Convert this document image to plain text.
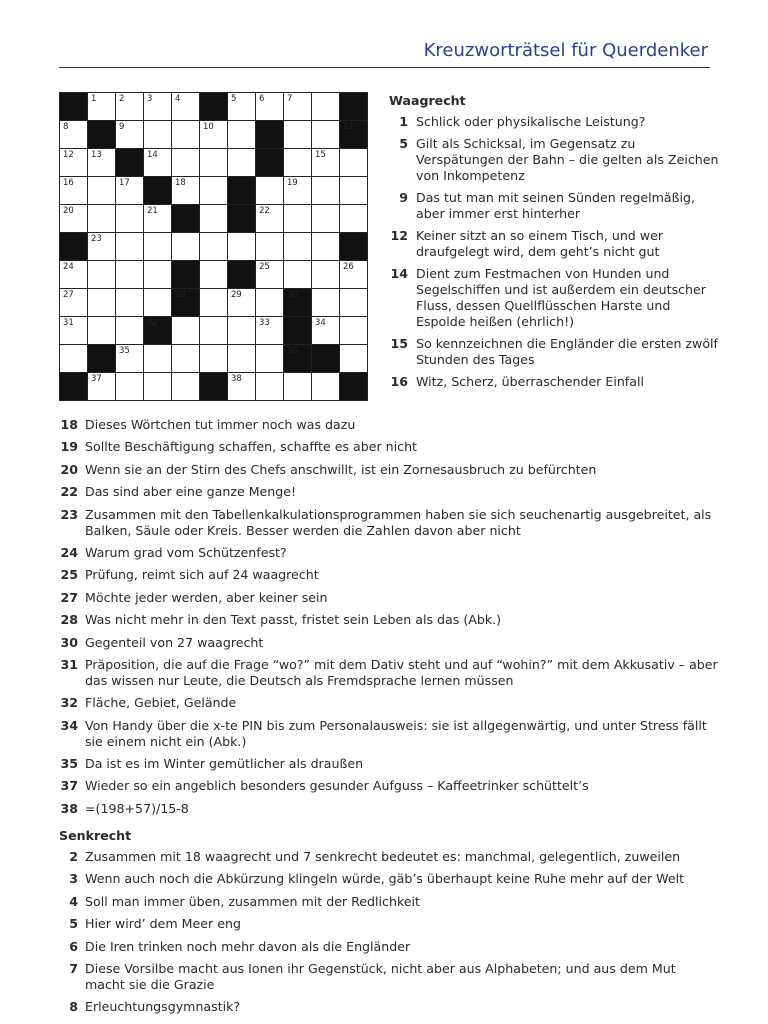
Kreuzworträtsel für Querdenker
1	2	3	4	5	6	7
8	9	10	11
12 13	14	15
16	17	18	19
20	21	22
23
24	25	26
27	28	29	30
31	32	33	34
35	36
37	38
Waagrecht
1 Schlick oder physikalische Leistung?
5 Gilt als Schicksal, im Gegensatz zu Verspätungen der Bahn – die gelten als Zeichen von Inkompetenz
9 Das tut man mit seinen Sünden regelmäßig, aber immer erst hinterher
12 Keiner sitzt an so einem Tisch, und wer draufgelegt wird, dem geht’s nicht gut
14 Dient zum Festmachen von Hunden und Segelschiffen und ist außerdem ein deutscher Fluss, dessen Quellflüsschen Harste und Espolde heißen (ehrlich!)
15 So kennzeichnen die Engländer die ersten zwölf Stunden des Tages
16 Witz, Scherz, überraschender Einfall
18 Dieses Wörtchen tut immer noch was dazu
19 Sollte Beschäftigung schaffen, schaffte es aber nicht
20 Wenn sie an der Stirn des Chefs anschwillt, ist ein Zornesausbruch zu befürchten
22 Das sind aber eine ganze Menge!
23 Zusammen mit den Tabellenkalkulationsprogrammen haben sie sich seuchenartig ausgebreitet, als Balken, Säule oder Kreis. Besser werden die Zahlen davon aber nicht
24 Warum grad vom Schützenfest?
25 Prüfung, reimt sich auf 24 waagrecht
27 Möchte jeder werden, aber keiner sein
28 Was nicht mehr in den Text passt, fristet sein Leben als das (Abk.)
30 Gegenteil von 27 waagrecht
31 Präposition, die auf die Frage “wo?” mit dem Dativ steht und auf “wohin?” mit dem Akkusativ – aber das wissen nur Leute, die Deutsch als Fremdsprache lernen müssen
32 Fläche, Gebiet, Gelände
34 Von Handy über die x-te PIN bis zum Personalausweis: sie ist allgegenwärtig, und unter Stress fällt sie einem nicht ein (Abk.)
35 Da ist es im Winter gemütlicher als draußen
37 Wieder so ein angeblich besonders gesunder Aufguss – Kaffeetrinker schüttelt’s
38 =(198+57)/15-8
Senkrecht
2 Zusammen mit 18 waagrecht und 7 senkrecht bedeutet es: manchmal, gelegentlich, zuweilen
3 Wenn auch noch die Abkürzung klingeln würde, gäb’s überhaupt keine Ruhe mehr auf der Welt
4 Soll man immer üben, zusammen mit der Redlichkeit
5 Hier wird’ dem Meer eng
6 Die Iren trinken noch mehr davon als die Engländer
7 Diese Vorsilbe macht aus Ionen ihr Gegenstück, nicht aber aus Alphabeten; und aus dem Mut macht sie die Grazie
8 Erleuchtungsgymnastik?
